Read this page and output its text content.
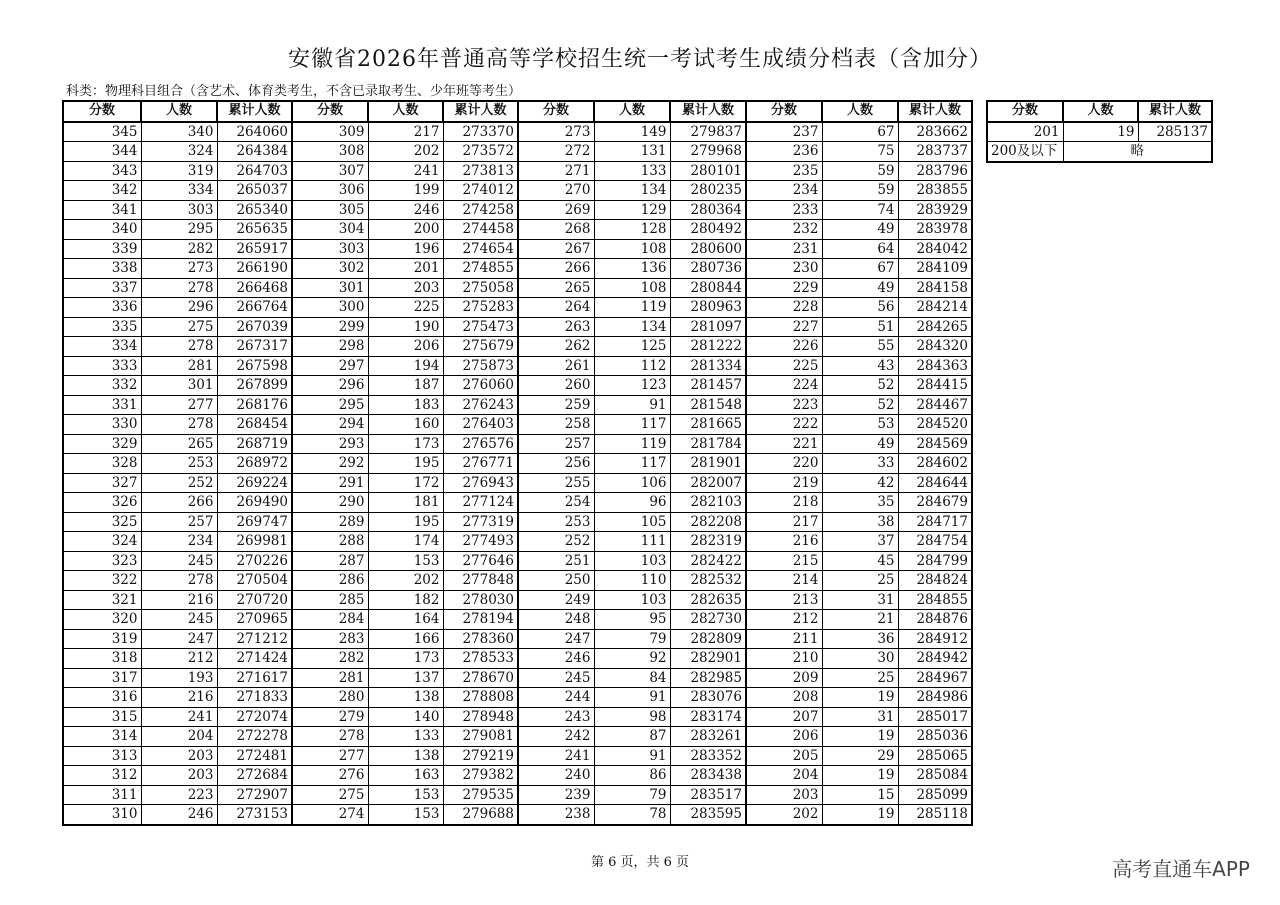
安徽省2026年普通高等学校招生统一考试考生成绩分档表（含加分）
科类：物理科目组合（含艺术、体育类考生，不含已录取考生、少年班等考生）
分数	人数	累计人数	分数	人数	累计人数	分数	人数	累计人数	分数	人数	累计人数
345	340	264060	309	217	273370	273	149	279837	237	67	283662
344	324	264384	308	202	273572	272	131	279968	236	75	283737
343	319	264703	307	241	273813	271	133	280101	235	59	283796
342	334	265037	306	199	274012	270	134	280235	234	59	283855
341	303	265340	305	246	274258	269	129	280364	233	74	283929
340	295	265635	304	200	274458	268	128	280492	232	49	283978
339	282	265917	303	196	274654	267	108	280600	231	64	284042
338	273	266190	302	201	274855	266	136	280736	230	67	284109
337	278	266468	301	203	275058	265	108	280844	229	49	284158
336	296	266764	300	225	275283	264	119	280963	228	56	284214
335	275	267039	299	190	275473	263	134	281097	227	51	284265
334	278	267317	298	206	275679	262	125	281222	226	55	284320
333	281	267598	297	194	275873	261	112	281334	225	43	284363
332	301	267899	296	187	276060	260	123	281457	224	52	284415
331	277	268176	295	183	276243	259	91	281548	223	52	284467
330	278	268454	294	160	276403	258	117	281665	222	53	284520
329	265	268719	293	173	276576	257	119	281784	221	49	284569
328	253	268972	292	195	276771	256	117	281901	220	33	284602
327	252	269224	291	172	276943	255	106	282007	219	42	284644
326	266	269490	290	181	277124	254	96	282103	218	35	284679
325	257	269747	289	195	277319	253	105	282208	217	38	284717
324	234	269981	288	174	277493	252	111	282319	216	37	284754
323	245	270226	287	153	277646	251	103	282422	215	45	284799
322	278	270504	286	202	277848	250	110	282532	214	25	284824
321	216	270720	285	182	278030	249	103	282635	213	31	284855
320	245	270965	284	164	278194	248	95	282730	212	21	284876
319	247	271212	283	166	278360	247	79	282809	211	36	284912
318	212	271424	282	173	278533	246	92	282901	210	30	284942
317	193	271617	281	137	278670	245	84	282985	209	25	284967
316	216	271833	280	138	278808	244	91	283076	208	19	284986
315	241	272074	279	140	278948	243	98	283174	207	31	285017
314	204	272278	278	133	279081	242	87	283261	206	19	285036
313	203	272481	277	138	279219	241	91	283352	205	29	285065
312	203	272684	276	163	279382	240	86	283438	204	19	285084
311	223	272907	275	153	279535	239	79	283517	203	15	285099
310	246	273153	274	153	279688	238	78	283595	202	19	285118
分数	人数	累计人数
201	19	285137
200及以下	略	
第 6 页，共 6 页	高考直通车APP
